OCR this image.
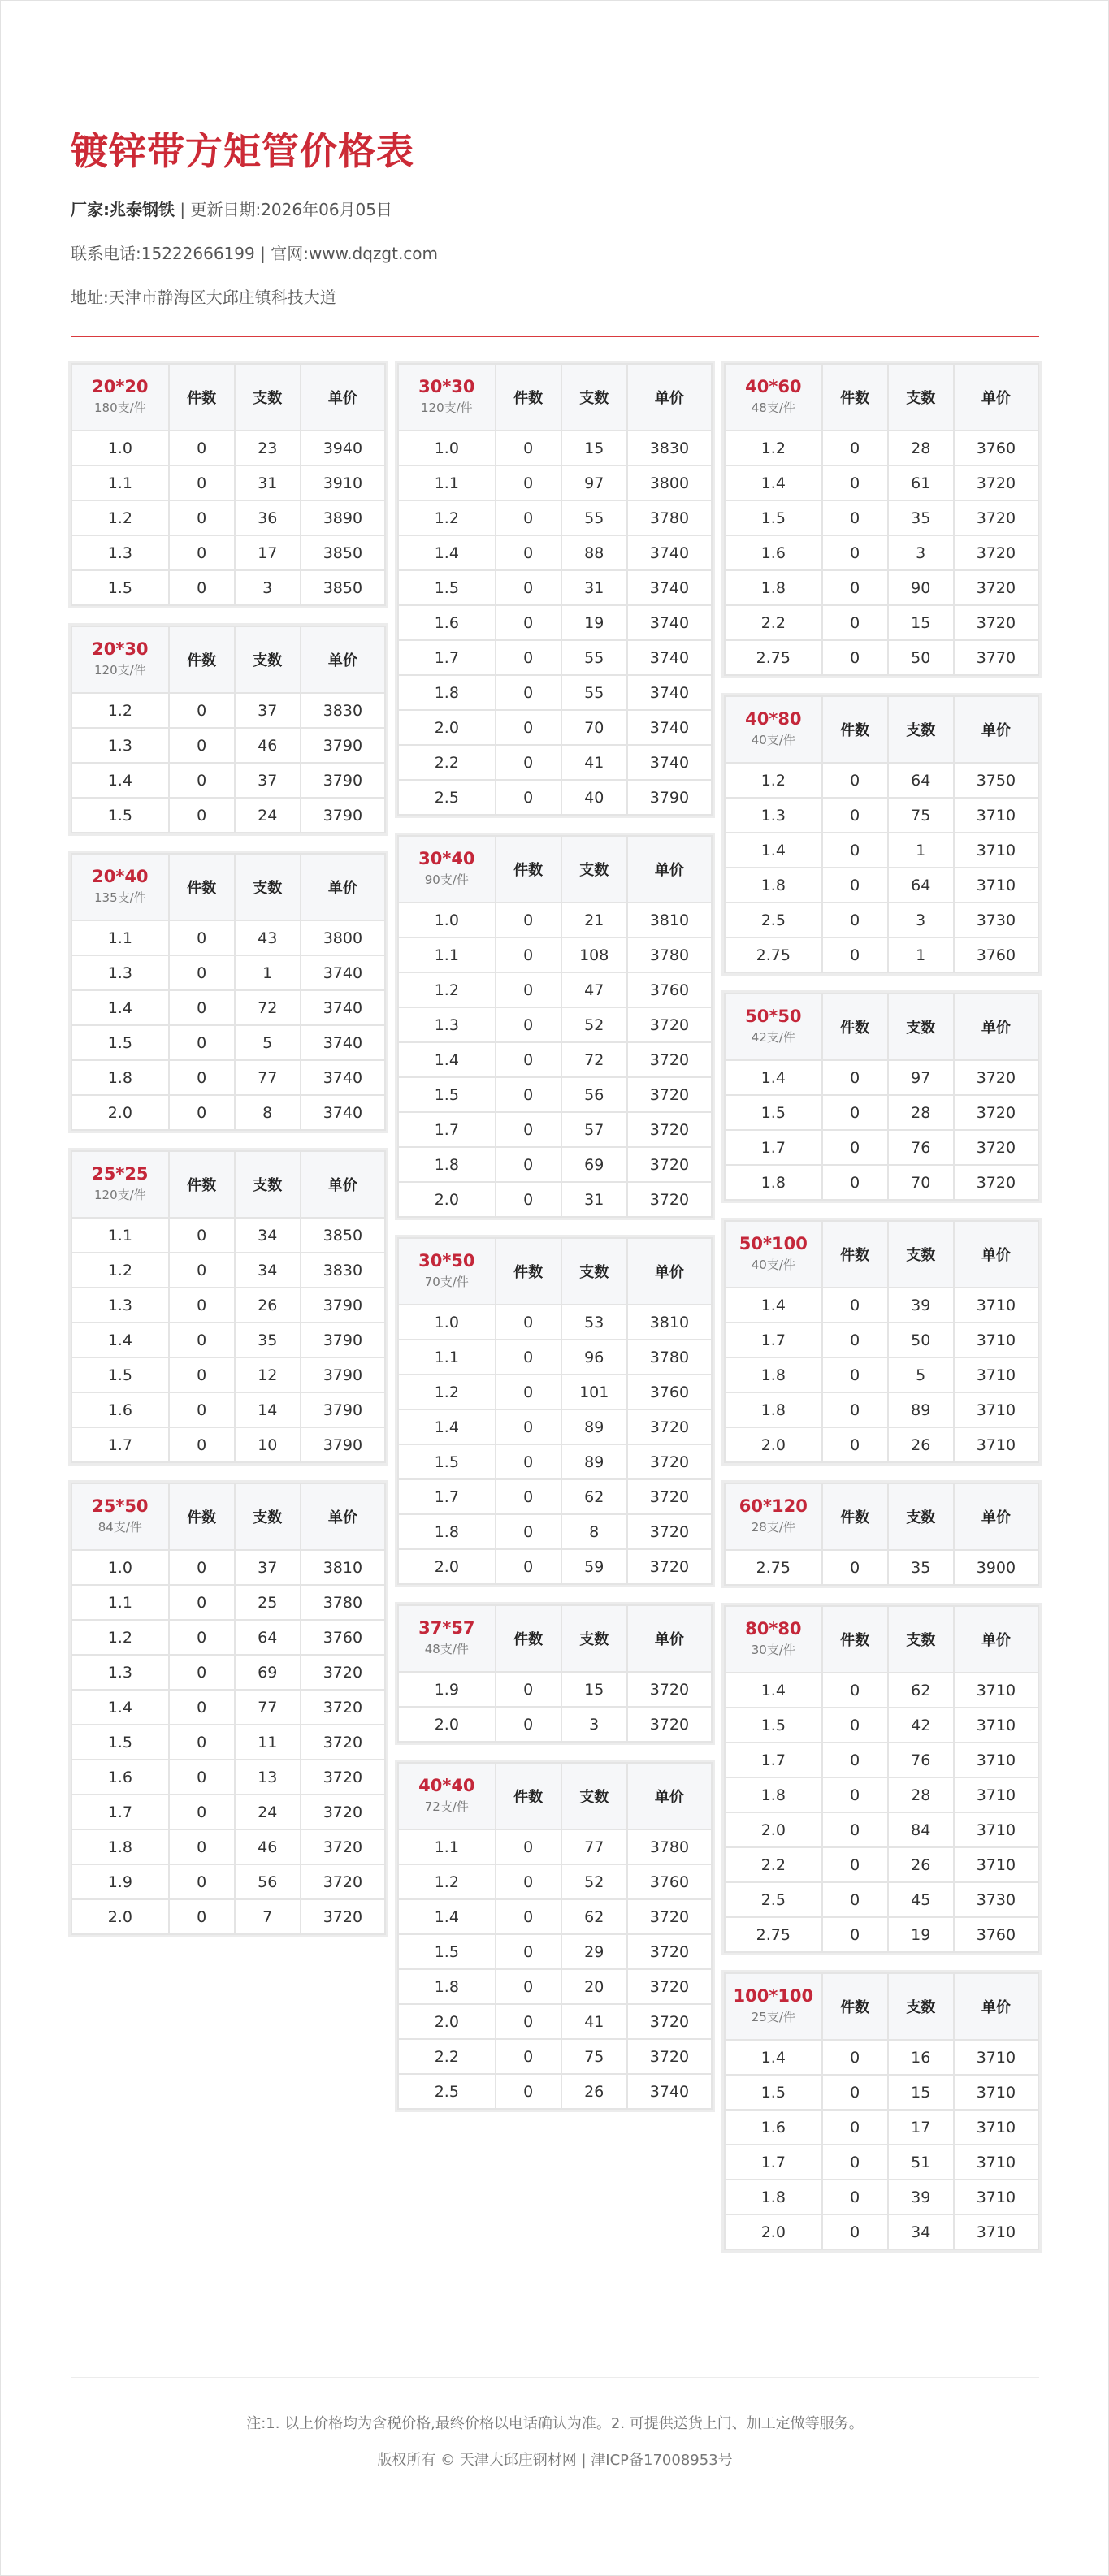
镀锌带方矩管价格表
厂家:兆泰钢铁 | 更新日期:2026年06月05日
联系电话:15222666199 | 官网:www.dqzgt.com
地址:天津市静海区大邱庄镇科技大道
20*20
180支/件	件数	支数	单价
1.0	0	23	3940
1.1	0	31	3910
1.2	0	36	3890
1.3	0	17	3850
1.5	0	3	3850
20*30
120支/件	件数	支数	单价
1.2	0	37	3830
1.3	0	46	3790
1.4	0	37	3790
1.5	0	24	3790
20*40
135支/件	件数	支数	单价
1.1	0	43	3800
1.3	0	1	3740
1.4	0	72	3740
1.5	0	5	3740
1.8	0	77	3740
2.0	0	8	3740
25*25
120支/件	件数	支数	单价
1.1	0	34	3850
1.2	0	34	3830
1.3	0	26	3790
1.4	0	35	3790
1.5	0	12	3790
1.6	0	14	3790
1.7	0	10	3790
25*50
84支/件	件数	支数	单价
1.0	0	37	3810
1.1	0	25	3780
1.2	0	64	3760
1.3	0	69	3720
1.4	0	77	3720
1.5	0	11	3720
1.6	0	13	3720
1.7	0	24	3720
1.8	0	46	3720
1.9	0	56	3720
2.0	0	7	3720
30*30
120支/件	件数	支数	单价
1.0	0	15	3830
1.1	0	97	3800
1.2	0	55	3780
1.4	0	88	3740
1.5	0	31	3740
1.6	0	19	3740
1.7	0	55	3740
1.8	0	55	3740
2.0	0	70	3740
2.2	0	41	3740
2.5	0	40	3790
30*40
90支/件	件数	支数	单价
1.0	0	21	3810
1.1	0	108	3780
1.2	0	47	3760
1.3	0	52	3720
1.4	0	72	3720
1.5	0	56	3720
1.7	0	57	3720
1.8	0	69	3720
2.0	0	31	3720
30*50
70支/件	件数	支数	单价
1.0	0	53	3810
1.1	0	96	3780
1.2	0	101	3760
1.4	0	89	3720
1.5	0	89	3720
1.7	0	62	3720
1.8	0	8	3720
2.0	0	59	3720
37*57
48支/件	件数	支数	单价
1.9	0	15	3720
2.0	0	3	3720
40*40
72支/件	件数	支数	单价
1.1	0	77	3780
1.2	0	52	3760
1.4	0	62	3720
1.5	0	29	3720
1.8	0	20	3720
2.0	0	41	3720
2.2	0	75	3720
2.5	0	26	3740
40*60
48支/件	件数	支数	单价
1.2	0	28	3760
1.4	0	61	3720
1.5	0	35	3720
1.6	0	3	3720
1.8	0	90	3720
2.2	0	15	3720
2.75	0	50	3770
40*80
40支/件	件数	支数	单价
1.2	0	64	3750
1.3	0	75	3710
1.4	0	1	3710
1.8	0	64	3710
2.5	0	3	3730
2.75	0	1	3760
50*50
42支/件	件数	支数	单价
1.4	0	97	3720
1.5	0	28	3720
1.7	0	76	3720
1.8	0	70	3720
50*100
40支/件	件数	支数	单价
1.4	0	39	3710
1.7	0	50	3710
1.8	0	5	3710
1.8	0	89	3710
2.0	0	26	3710
60*120
28支/件	件数	支数	单价
2.75	0	35	3900
80*80
30支/件	件数	支数	单价
1.4	0	62	3710
1.5	0	42	3710
1.7	0	76	3710
1.8	0	28	3710
2.0	0	84	3710
2.2	0	26	3710
2.5	0	45	3730
2.75	0	19	3760
100*100
25支/件	件数	支数	单价
1.4	0	16	3710
1.5	0	15	3710
1.6	0	17	3710
1.7	0	51	3710
1.8	0	39	3710
2.0	0	34	3710
注:1. 以上价格均为含税价格,最终价格以电话确认为准。2. 可提供送货上门、加工定做等服务。
版权所有 © 天津大邱庄钢材网 | 津ICP备17008953号
